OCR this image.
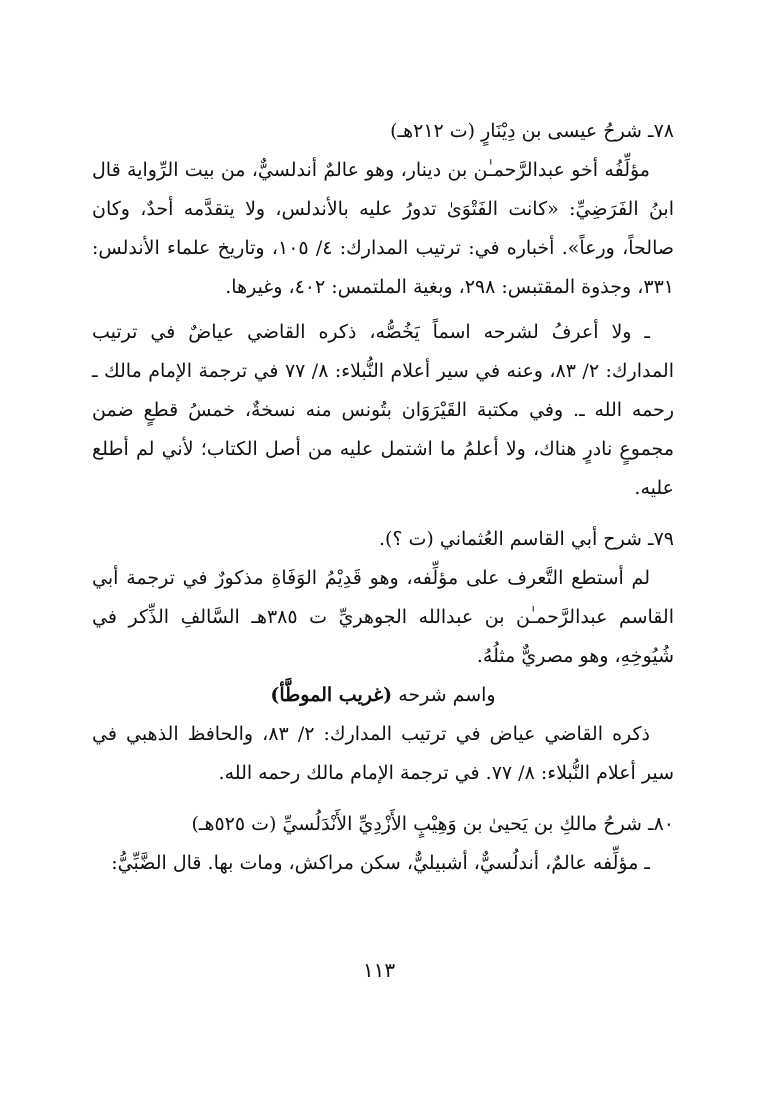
٧٨ـ شرحُ عيسى بن دِيْنَارٍ (ت ٢١٢هـ)

مؤلِّفُه أخو عبدالرَّحمـٰن بن دينار، وهو عالمٌ أندلسيٌّ، من بيت الرِّواية قال ابنُ الفَرَضِيِّ: «كانت الفَتْوَىٰ تدورُ عليه بالأندلس، ولا يتقدَّمه أحدٌ، وكان صالحاً، ورعاً». أخباره في: ترتيب المدارك: ٤/ ١٠٥، وتاريخ علماء الأندلس: ٣٣١، وجذوة المقتبس: ٢٩٨، وبغية الملتمس: ٤٠٢، وغيرها.

ـ ولا أعرفُ لشرحه اسماً يَخُصُّه، ذكره القاضي عياضٌ في ترتيب المدارك: ٢/ ٨٣، وعنه في سير أعلام النُّبلاء: ٨/ ٧٧ في ترجمة الإمام مالك ـ رحمه الله ـ. وفي مكتبة القَيْرَوَان بتُونس منه نسخةٌ، خمسُ قطعٍ ضمن مجموعٍ نادرٍ هناك، ولا أعلمُ ما اشتمل عليه من أصل الكتاب؛ لأني لم أطلع عليه.

٧٩ـ شرح أبي القاسم العُثماني (ت ؟).

لم أستطع التَّعرف على مؤلِّفه، وهو قَدِيْمُ الوَفَاةِ مذكورٌ في ترجمة أبي القاسم عبدالرَّحمـٰن بن عبدالله الجوهريِّ ت ٣٨٥هـ السَّالفِ الذِّكر في شُيُوخِهِ، وهو مصريٌّ مثلُهُ.

واسم شرحه (غريب الموطَّأ)

ذكره القاضي عياض في ترتيب المدارك: ٢/ ٨٣، والحافظ الذهبي في سير أعلام النُّبلاء: ٨/ ٧٧. في ترجمة الإمام مالك رحمه الله.

٨٠ـ شرحُ مالكِ بن يَحيىٰ بن وَهِيْبٍ الأَزْدِيِّ الأَنْدَلُسيِّ (ت ٥٢٥هـ)

ـ مؤلِّفه عالمٌ، أندلُسيٌّ، أشبيليٌّ، سكن مراكش، ومات بها. قال الضَّبِّيُّ:

١١٣
